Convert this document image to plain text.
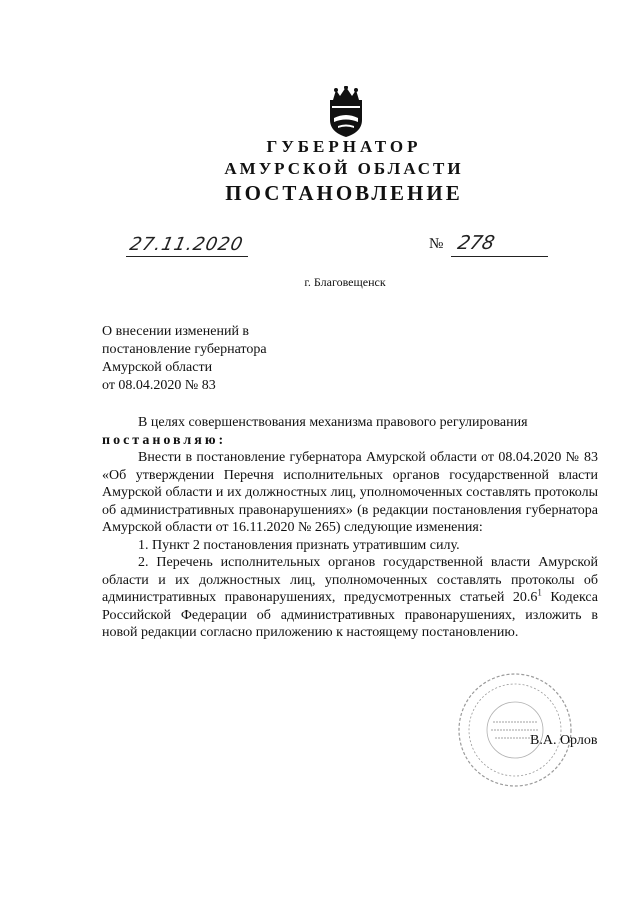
ГУБЕРНАТОР
АМУРСКОЙ ОБЛАСТИ
ПОСТАНОВЛЕНИЕ
27.11.2020	№ 278
г. Благовещенск
О внесении изменений в
постановление губернатора
Амурской области
от 08.04.2020 № 83
В целях совершенствования механизма правового регулирования
постановляю:

Внести в постановление губернатора Амурской области от 08.04.2020 № 83 «Об утверждении Перечня исполнительных органов государственной власти Амурской области и их должностных лиц, уполномоченных составлять протоколы об административных правонарушениях» (в редакции постановления губернатора Амурской области от 16.11.2020 № 265) следующие изменения:

1. Пункт 2 постановления признать утратившим силу.

2. Перечень исполнительных органов государственной власти Амурской области и их должностных лиц, уполномоченных составлять протоколы об административных правонарушениях, предусмотренных статьей 20.6$^1$ Кодекса Российской Федерации об административных правонарушениях, изложить в новой редакции согласно приложению к настоящему постановлению.

В.А. Орлов
